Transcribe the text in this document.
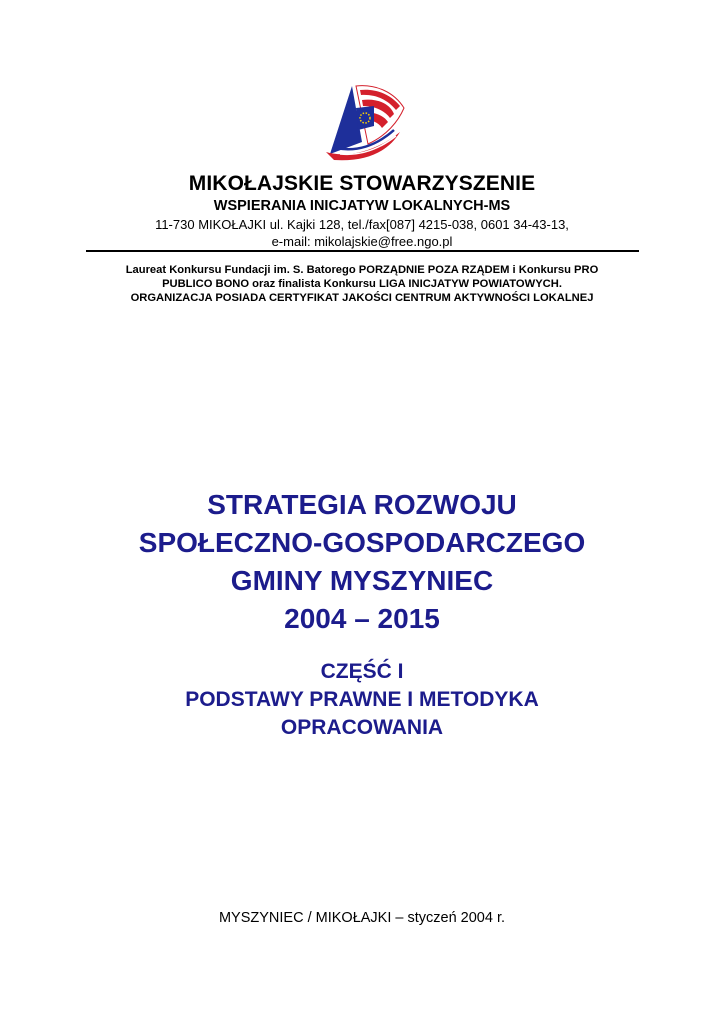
MIKOŁAJSKIE STOWARZYSZENIE
WSPIERANIA INICJATYW LOKALNYCH-MS
11-730 MIKOŁAJKI ul. Kajki 128, tel./fax[087] 4215-038, 0601 34-43-13,
e-mail: mikolajskie@free.ngo.pl
Laureat Konkursu Fundacji im. S. Batorego PORZĄDNIE POZA RZĄDEM i Konkursu PRO
PUBLICO BONO oraz finalista Konkursu LIGA INICJATYW POWIATOWYCH.
ORGANIZACJA POSIADA CERTYFIKAT JAKOŚCI CENTRUM AKTYWNOŚCI LOKALNEJ
STRATEGIA ROZWOJU
SPOŁECZNO-GOSPODARCZEGO
GMINY MYSZYNIEC
2004 – 2015
CZĘŚĆ I
PODSTAWY PRAWNE I METODYKA
OPRACOWANIA
MYSZYNIEC / MIKOŁAJKI – styczeń 2004 r.
